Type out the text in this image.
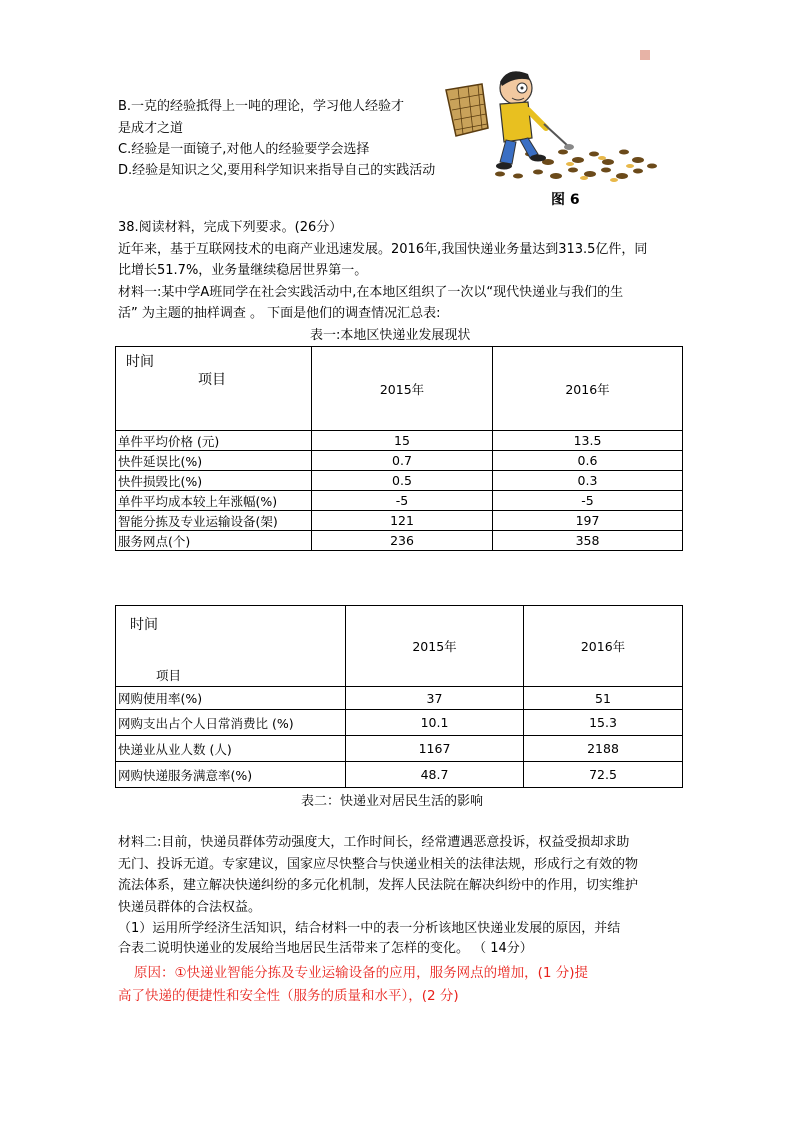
B.一克的经验抵得上一吨的理论，学习他人经验才
是成才之道
C.经验是一面镜子,对他人的经验要学会选择
D.经验是知识之父,要用科学知识来指导自己的实践活动
图 6
38.阅读材料，完成下列要求。(26分）
近年来，基于互联网技术的电商产业迅速发展。2016年,我国快递业务量达到313.5亿件，同
比增长51.7%，业务量继续稳居世界第一。
材料一:某中学A班同学在社会实践活动中,在本地区组织了一次以“现代快递业与我们的生
活” 为主题的抽样调查 。 下面是他们的调查情况汇总表:
表一:本地区快递业发展现状
时间
项目	2015年	2016年
单件平均价格 (元)	15	13.5
快件延误比(%)	0.7	0.6
快件损毁比(%)	0.5	0.3
单件平均成本较上年涨幅(%)	-5	-5
智能分拣及专业运输设备(架)	121	197
服务网点(个)	236	358
时间
项目	2015年	2016年
网购使用率(%)	37	51
网购支出占个人日常消费比 (%)	10.1	15.3
快递业从业人数 (人)	1167	2188
网购快递服务满意率(%)	48.7	72.5
表二：快递业对居民生活的影响
材料二:目前，快递员群体劳动强度大，工作时间长，经常遭遇恶意投诉，权益受损却求助
无门、投诉无道。专家建议，国家应尽快整合与快递业相关的法律法规，形成行之有效的物
流法体系，建立解决快递纠纷的多元化机制，发挥人民法院在解决纠纷中的作用，切实维护
快递员群体的合法权益。
（1）运用所学经济生活知识，结合材料一中的表一分析该地区快递业发展的原因，并结
合表二说明快递业的发展给当地居民生活带来了怎样的变化。 （ 14分）
原因：①快递业智能分拣及专业运输设备的应用，服务网点的增加，(1 分)提
高了快递的便捷性和安全性（服务的质量和水平），(2 分)
